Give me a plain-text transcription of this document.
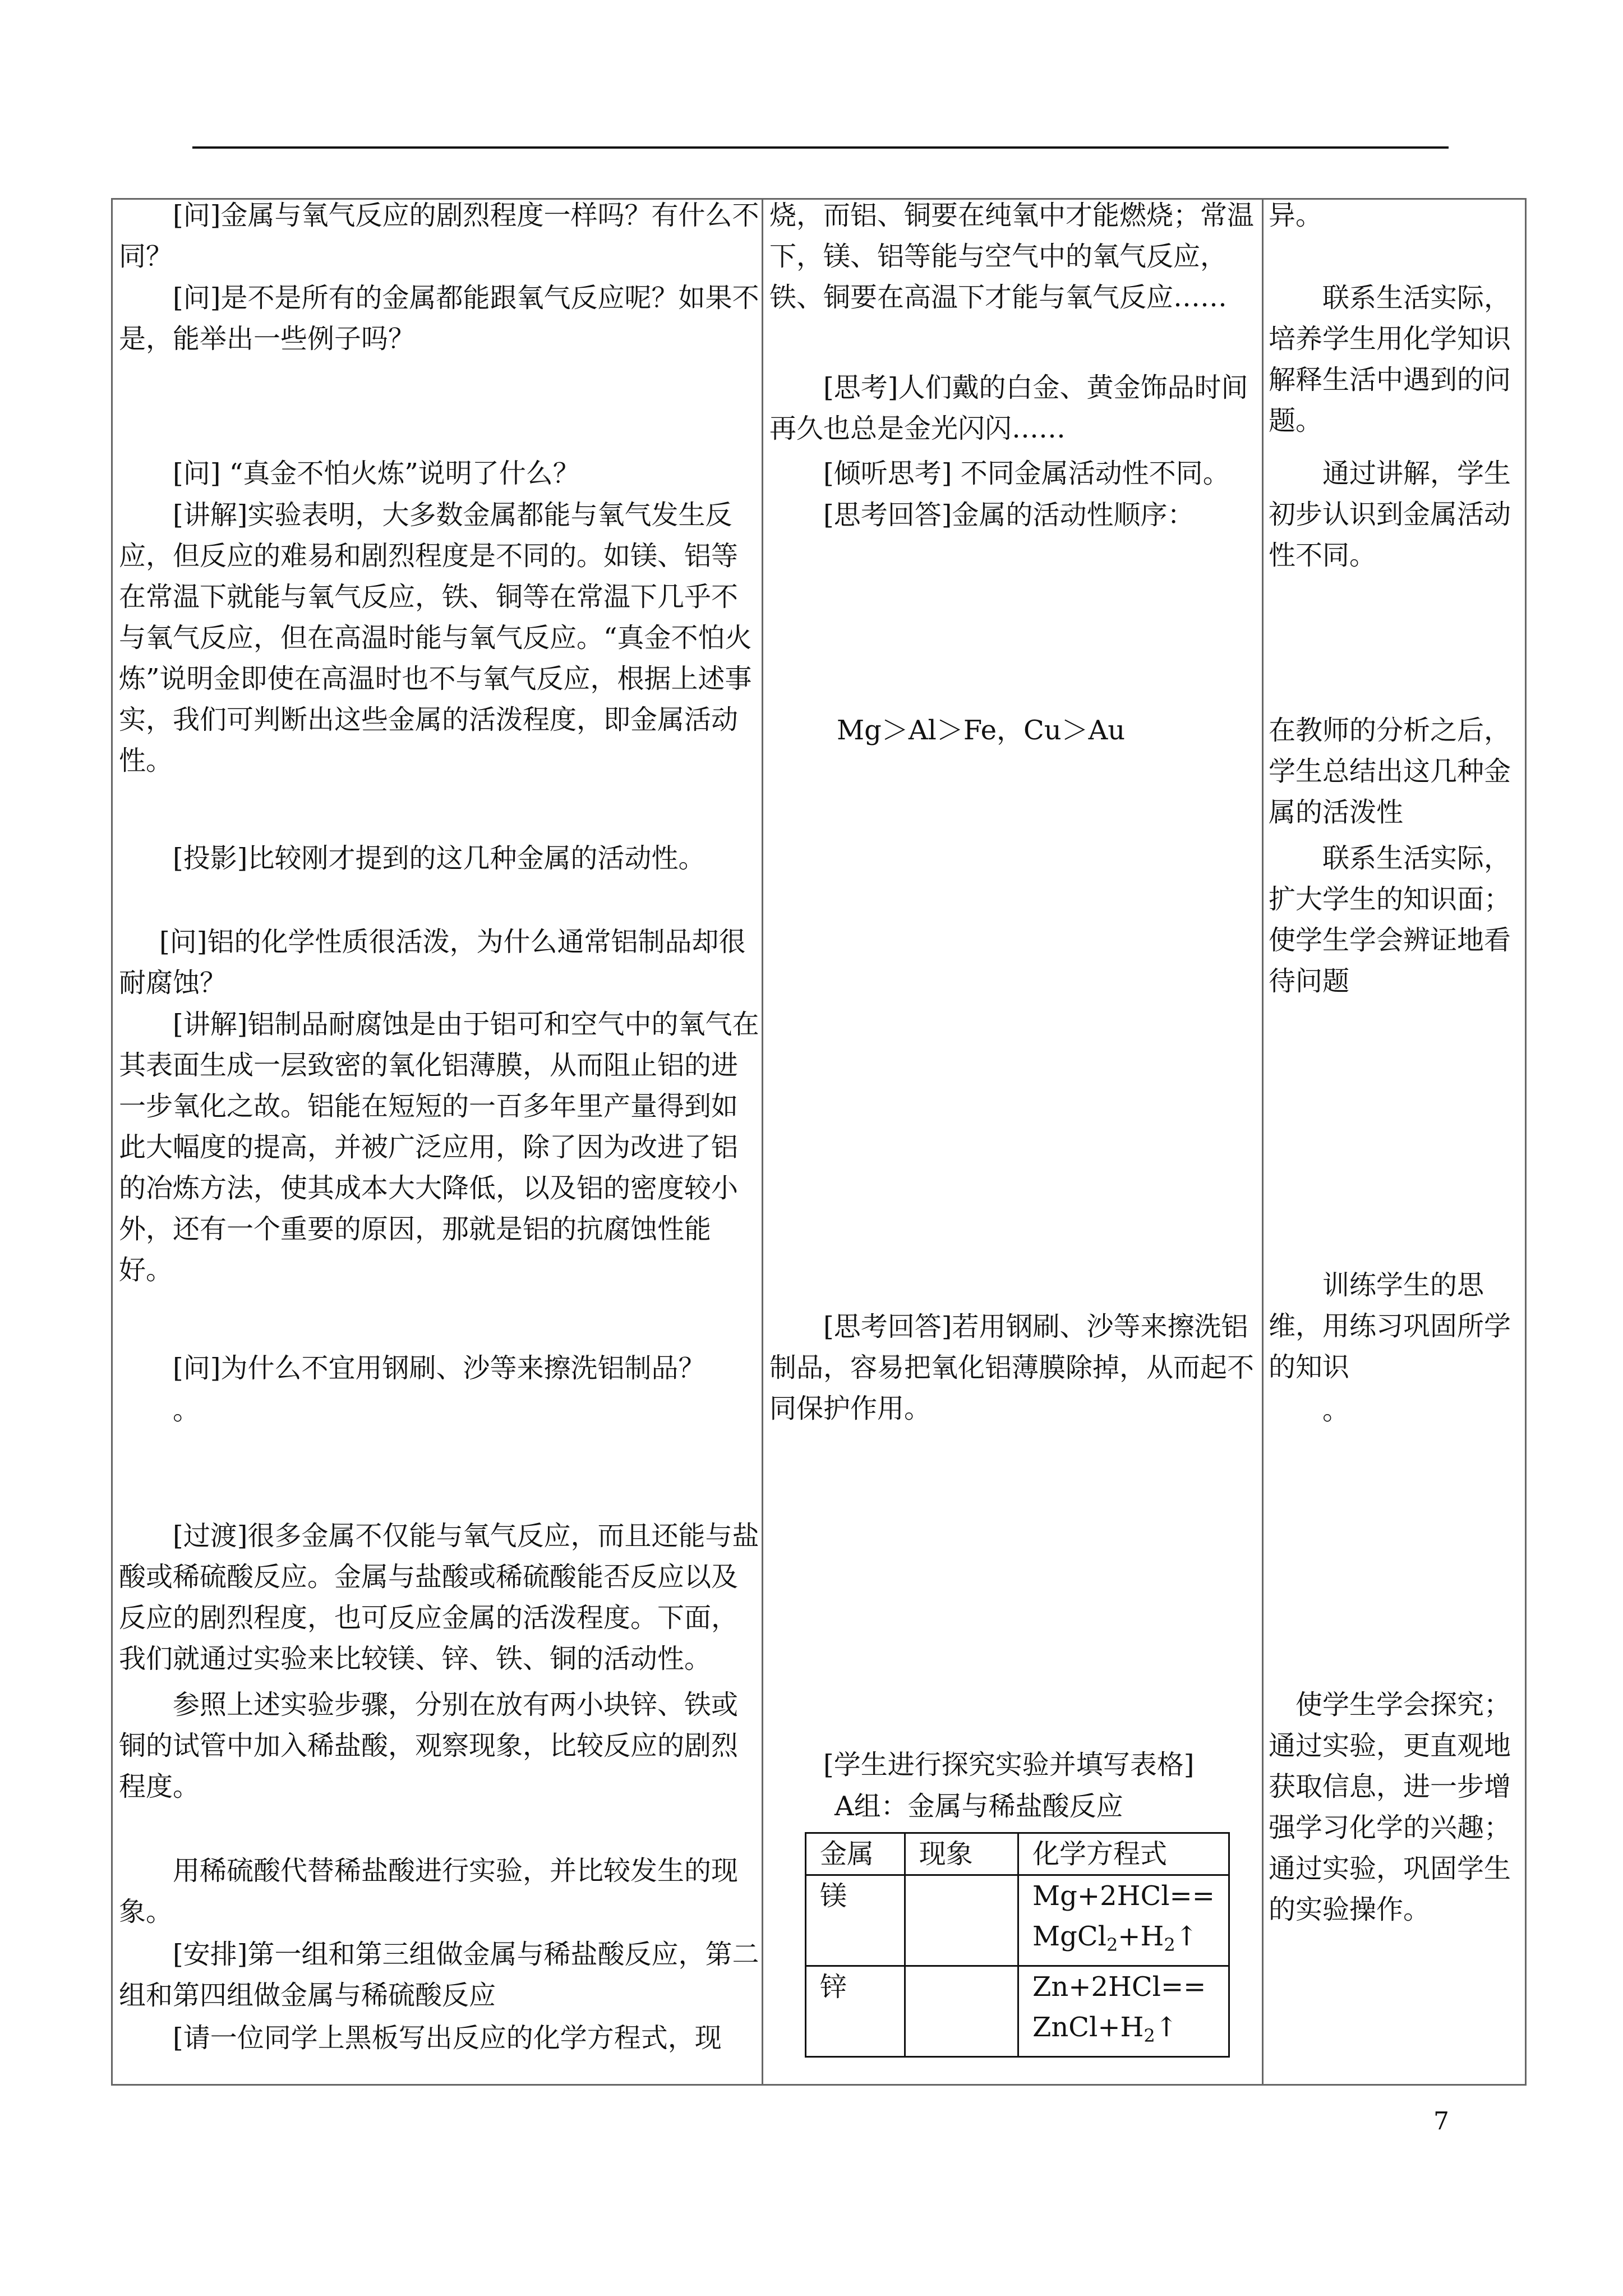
[问]金属与氧气反应的剧烈程度一样吗？有什么不同？

[问]是不是所有的金属都能跟氧气反应呢？如果不是，能举出一些例子吗？

[问] “真金不怕火炼”说明了什么？

[讲解]实验表明，大多数金属都能与氧气发生反应，但反应的难易和剧烈程度是不同的。如镁、铝等在常温下就能与氧气反应，铁、铜等在常温下几乎不与氧气反应，但在高温时能与氧气反应。“真金不怕火炼”说明金即使在高温时也不与氧气反应，根据上述事实，我们可判断出这些金属的活泼程度，即金属活动性。

[投影]比较刚才提到的这几种金属的活动性。

[问]铝的化学性质很活泼，为什么通常铝制品却很耐腐蚀？

[讲解]铝制品耐腐蚀是由于铝可和空气中的氧气在其表面生成一层致密的氧化铝薄膜，从而阻止铝的进一步氧化之故。铝能在短短的一百多年里产量得到如此大幅度的提高，并被广泛应用，除了因为改进了铝的冶炼方法，使其成本大大降低，以及铝的密度较小外，还有一个重要的原因，那就是铝的抗腐蚀性能好。

[问]为什么不宜用钢刷、沙等来擦洗铝制品？

。

[过渡]很多金属不仅能与氧气反应，而且还能与盐酸或稀硫酸反应。金属与盐酸或稀硫酸能否反应以及反应的剧烈程度，也可反应金属的活泼程度。下面，我们就通过实验来比较镁、锌、铁、铜的活动性。

参照上述实验步骤，分别在放有两小块锌、铁或铜的试管中加入稀盐酸，观察现象，比较反应的剧烈程度。

用稀硫酸代替稀盐酸进行实验，并比较发生的现象。

[安排]第一组和第三组做金属与稀盐酸反应，第二组和第四组做金属与稀硫酸反应

[请一位同学上黑板写出反应的化学方程式，现

烧，而铝、铜要在纯氧中才能燃烧；常温下，镁、铝等能与空气中的氧气反应，铁、铜要在高温下才能与氧气反应……

[思考]人们戴的白金、黄金饰品时间再久也总是金光闪闪……

[倾听思考] 不同金属活动性不同。

[思考回答]金属的活动性顺序：

Mg＞Al＞Fe，Cu＞Au

[思考回答]若用钢刷、沙等来擦洗铝制品，容易把氧化铝薄膜除掉，从而起不同保护作用。

[学生进行探究实验并填写表格]

A组：金属与稀盐酸反应

金属	现象	化学方程式
镁		Mg+2HCl==
$MgCl_2+H_2↑$
锌		Zn+2HCl==
$ZnCl+H_2↑$

异。

联系生活实际，培养学生用化学知识解释生活中遇到的问题。

通过讲解，学生初步认识到金属活动性不同。

在教师的分析之后，学生总结出这几种金属的活泼性

联系生活实际，扩大学生的知识面；使学生学会辨证地看待问题

训练学生的思维，用练习巩固所学的知识

。

使学生学会探究；通过实验，更直观地获取信息，进一步增强学习化学的兴趣；通过实验，巩固学生的实验操作。

7
